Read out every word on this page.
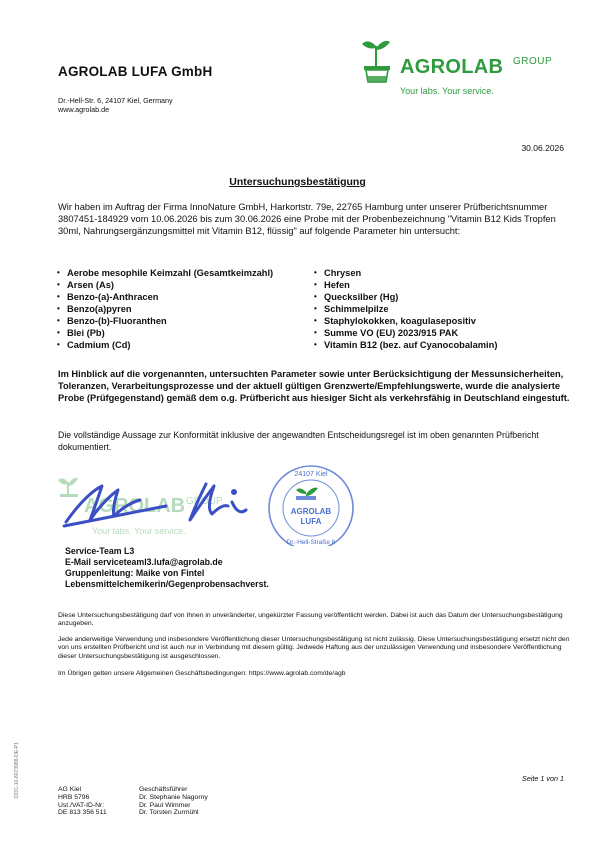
AGROLAB LUFA GmbH
Dr.-Hell-Str. 6, 24107 Kiel, Germany
www.agrolab.de
AGROLAB GROUP
Your labs. Your service.
30.06.2026
Untersuchungsbestätigung
Wir haben im Auftrag der Firma InnoNature GmbH, Harkortstr. 79e, 22765 Hamburg unter unserer Prüfberichtsnummer 3807451-184929 vom 10.06.2026 bis zum 30.06.2026 eine Probe mit der Probenbezeichnung "Vitamin B12 Kids Tropfen 30ml, Nahrungsergänzungsmittel mit Vitamin B12, flüssig" auf folgende Parameter hin untersucht:
• Aerobe mesophile Keimzahl (Gesamtkeimzahl)
• Arsen (As)
• Benzo-(a)-Anthracen
• Benzo(a)pyren
• Benzo-(b)-Fluoranthen
• Blei (Pb)
• Cadmium (Cd)
• Chrysen
• Hefen
• Quecksilber (Hg)
• Schimmelpilze
• Staphylokokken, koagulasepositiv
• Summe VO (EU) 2023/915 PAK
• Vitamin B12 (bez. auf Cyanocobalamin)
Im Hinblick auf die vorgenannten, untersuchten Parameter sowie unter Berücksichtigung der Messunsicherheiten, Toleranzen, Verarbeitungsprozesse und der aktuell gültigen Grenzwerte/Empfehlungswerte, wurde die analysierte Probe (Prüfgegenstand) gemäß dem o.g. Prüfbericht aus hiesiger Sicht als verkehrsfähig in Deutschland eingestuft.
Die vollständige Aussage zur Konformität inklusive der angewandten Entscheidungsregel ist im oben genannten Prüfbericht dokumentiert.
AGROLAB GROUP
Your labs. Your service.
24107 Kiel
AGROLAB
LUFA
Dr.-Hell-Straße 6
Service-Team L3
E-Mail serviceteaml3.lufa@agrolab.de
Gruppenleitung: Maike von Fintel
Lebensmittelchemikerin/Gegenprobensachverst.
Diese Untersuchungsbestätigung darf von Ihnen in unveränderter, ungekürzter Fassung veröffentlicht werden. Dabei ist auch das Datum der Untersuchungsbestätigung anzugeben.
Jede anderweitige Verwendung und insbesondere Veröffentlichung dieser Untersuchungsbestätigung ist nicht zulässig. Diese Untersuchungsbestätigung ersetzt nicht den von uns erstellten Prüfbericht und ist auch nur in Verbindung mit diesem gültig. Jedwede Haftung aus der unzulässigen Verwendung und insbesondere Veröffentlichung dieser Untersuchungsbestätigung ist ausgeschlossen.
Im Übrigen gelten unsere Allgemeinen Geschäftsbedingungen: https://www.agrolab.com/de/agb
Seite 1 von 1
DOC-10-8073988-DE-P1	AG Kiel
HRB 5796
Ust./VAT-ID-Nr:
DE 813 356 511
Geschäftsführer
Dr. Stephanie Nagorny
Dr. Paul Wimmer
Dr. Torsten Zurmühl
